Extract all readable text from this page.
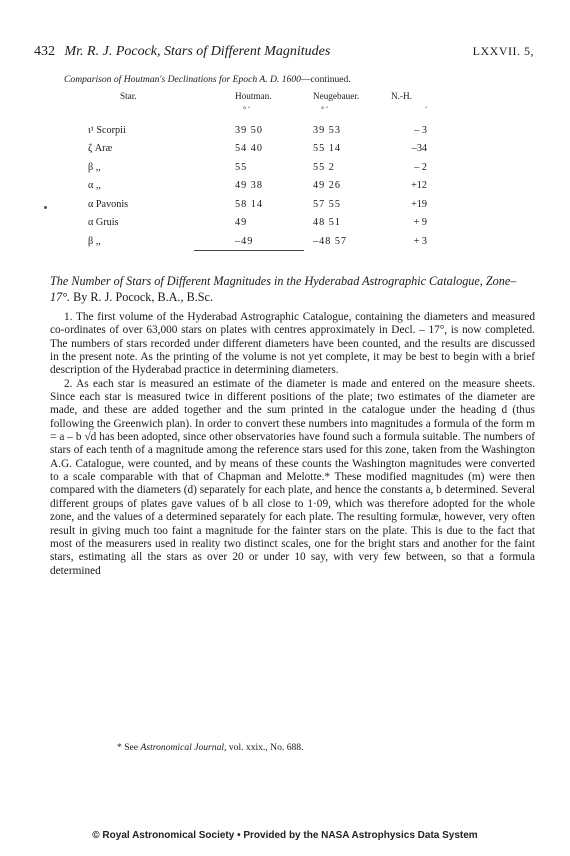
432 Mr. R. J. Pocock, Stars of Different Magnitudes	LXXVII. 5,
Comparison of Houtman's Declinations for Epoch A. D. 1600—continued.
Star.	Houtman.	Neugebauer.	N.-H.
	° ′	° ′	′
ι¹ Scorpii	39 50	39 53	– 3
ζ Aræ	54 40	55 14	–34
β ,,	55	55 2	– 2
α ,,	49 38	49 26	+12
α Pavonis	58 14	57 55	+19
α Gruis	49	48 51	+ 9
β ,,	–49	–48 57	+ 3
The Number of Stars of Different Magnitudes in the Hyderabad Astrographic Catalogue, Zone–17°. By R. J. Pocock, B.A., B.Sc.

1. The first volume of the Hyderabad Astrographic Catalogue, containing the diameters and measured co-ordinates of over 63,000 stars on plates with centres approximately in Decl. – 17°, is now completed. The numbers of stars recorded under different diameters have been counted, and the results are discussed in the present note. As the printing of the volume is not yet complete, it may be best to begin with a brief description of the Hyderabad practice in determining diameters.

2. As each star is measured an estimate of the diameter is made and entered on the measure sheets. Since each star is measured twice in different positions of the plate; two estimates of the diameter are made, and these are added together and the sum printed in the catalogue under the heading d (thus following the Greenwich plan). In order to convert these numbers into magnitudes a formula of the form m = a – b √d has been adopted, since other observatories have found such a formula suitable. The numbers of stars of each tenth of a magnitude among the reference stars used for this zone, taken from the Washington A.G. Catalogue, were counted, and by means of these counts the Washington magnitudes were converted to a scale comparable with that of Chapman and Melotte.* These modified magnitudes (m) were then compared with the diameters (d) separately for each plate, and hence the constants a, b determined. Several different groups of plates gave values of b all close to 1·09, which was therefore adopted for the whole zone, and the values of a determined separately for each plate. The resulting formulæ, however, very often result in giving much too faint a magnitude for the fainter stars on the plate. This is due to the fact that most of the measurers used in reality two distinct scales, one for the bright stars and another for the faint stars, estimating all the stars as over 20 or under 10 say, with very few between, so that a formula determined

* See Astronomical Journal, vol. xxix., No. 688.
© Royal Astronomical Society • Provided by the NASA Astrophysics Data System
